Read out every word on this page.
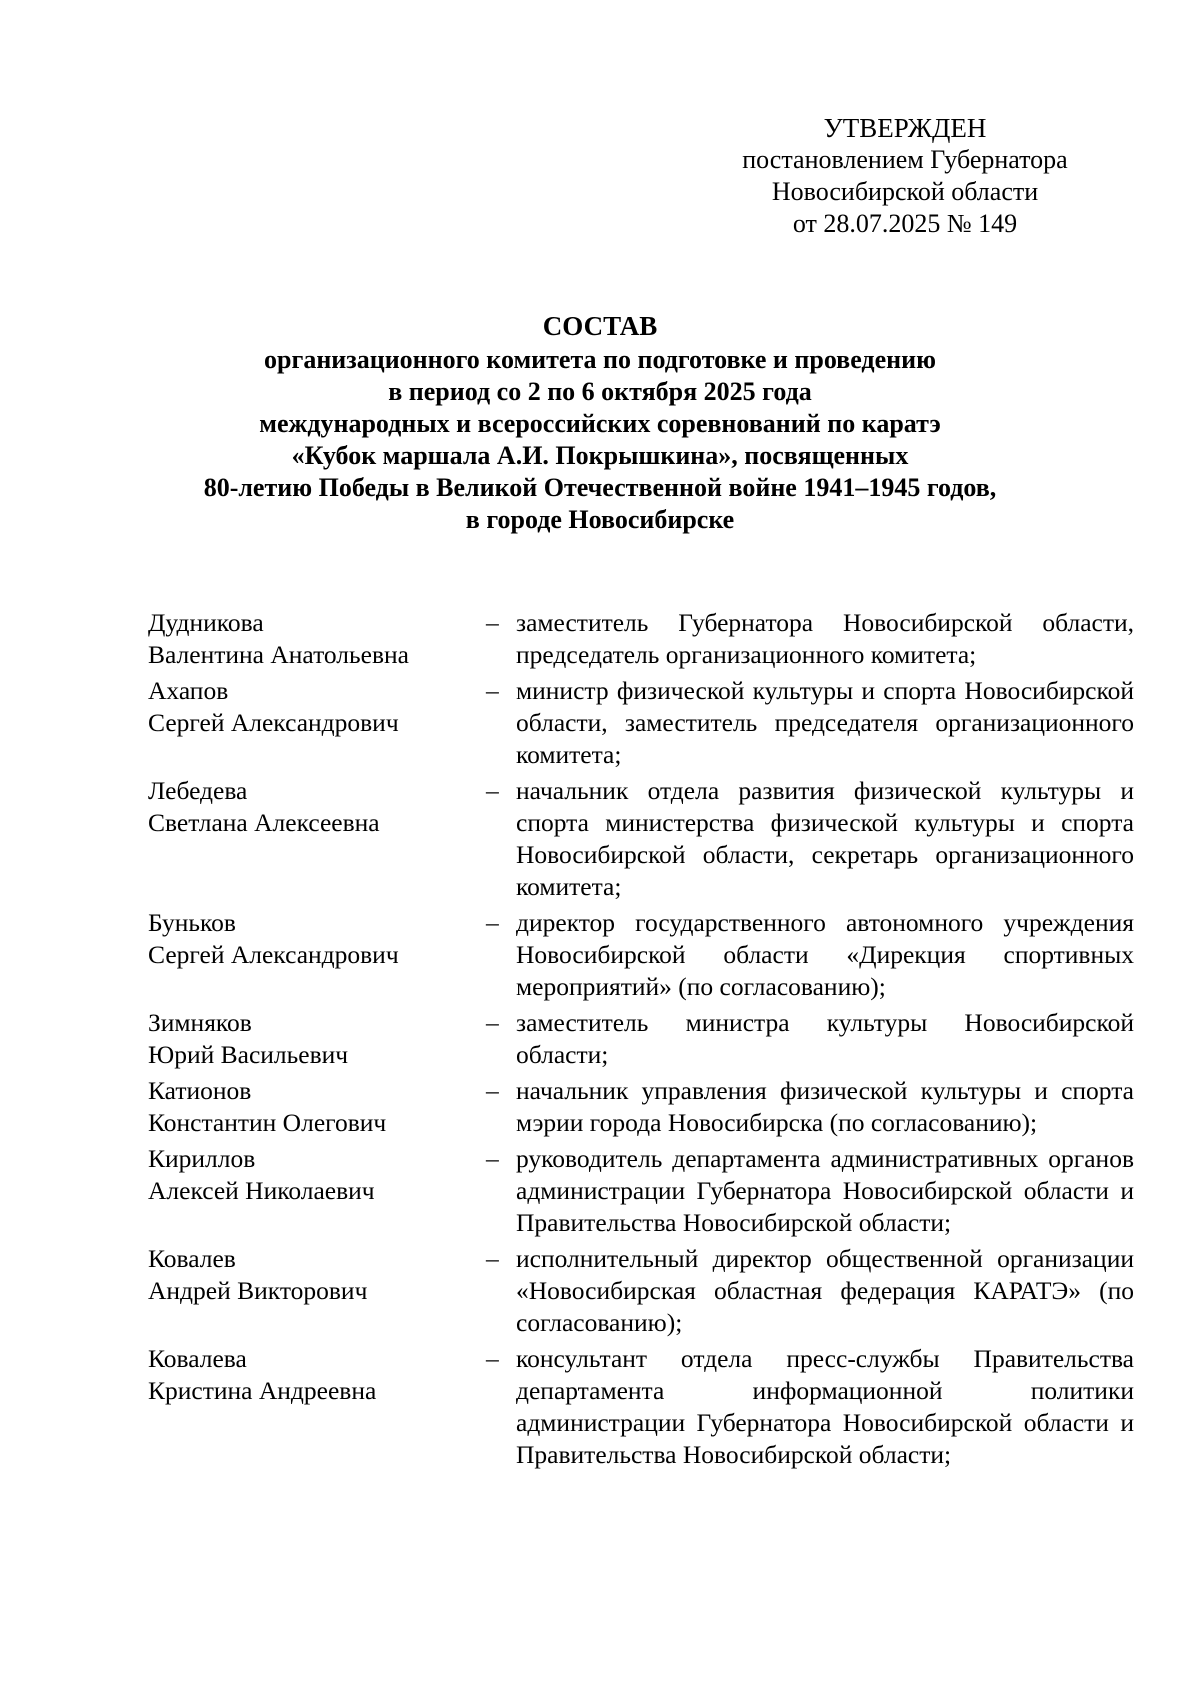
УТВЕРЖДЕН
постановлением Губернатора
Новосибирской области
от 28.07.2025 № 149
СОСТАВ
организационного комитета по подготовке и проведению
в период со 2 по 6 октября 2025 года
международных и всероссийских соревнований по каратэ
«Кубок маршала А.И. Покрышкина», посвященных
80-летию Победы в Великой Отечественной войне 1941–1945 годов,
в городе Новосибирске
Дудникова
Валентина Анатольевна
– заместитель Губернатора Новосибирской области, председатель организационного комитета;
Ахапов
Сергей Александрович
– министр физической культуры и спорта Новосибирской области, заместитель председателя организационного комитета;
Лебедева
Светлана Алексеевна
– начальник отдела развития физической культуры и спорта министерства физической культуры и спорта Новосибирской области, секретарь организационного комитета;
Буньков
Сергей Александрович
– директор государственного автономного учреждения Новосибирской области «Дирекция спортивных мероприятий» (по согласованию);
Зимняков
Юрий Васильевич
– заместитель министра культуры Новосибирской области;
Катионов
Константин Олегович
– начальник управления физической культуры и спорта мэрии города Новосибирска (по согласованию);
Кириллов
Алексей Николаевич
– руководитель департамента административных органов администрации Губернатора Новосибирской области и Правительства Новосибирской области;
Ковалев
Андрей Викторович
– исполнительный директор общественной организации «Новосибирская областная федерация КАРАТЭ» (по согласованию);
Ковалева
Кристина Андреевна
– консультант отдела пресс-службы Правительства департамента информационной политики администрации Губернатора Новосибирской области и Правительства Новосибирской области;
